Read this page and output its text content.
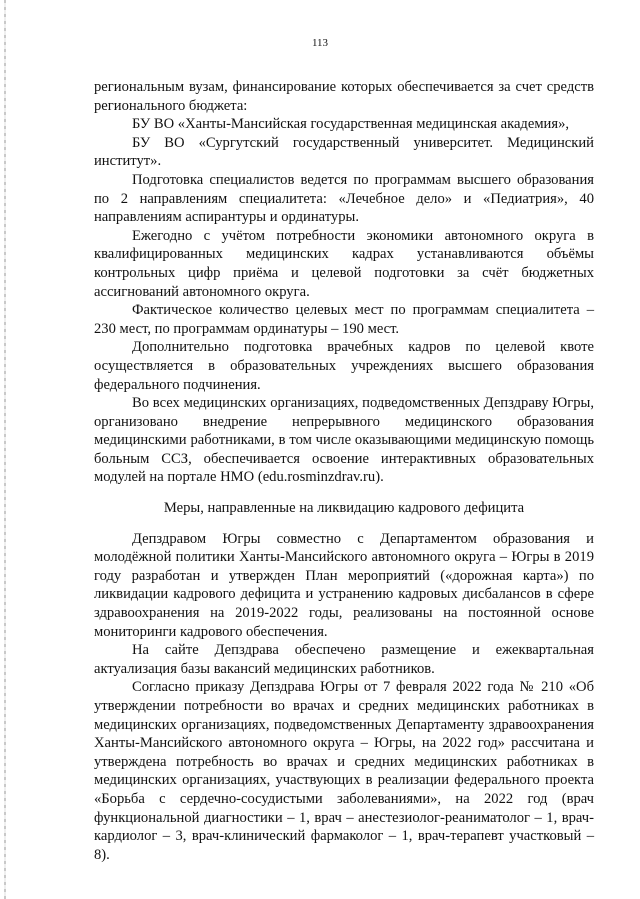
113

региональным вузам, финансирование которых обеспечивается за счет средств регионального бюджета:

БУ ВО «Ханты-Мансийская государственная медицинская академия»,

БУ ВО «Сургутский государственный университет. Медицинский институт».

Подготовка специалистов ведется по программам высшего образования по 2 направлениям специалитета: «Лечебное дело» и «Педиатрия», 40 направлениям аспирантуры и ординатуры.

Ежегодно с учётом потребности экономики автономного округа в квалифицированных медицинских кадрах устанавливаются объёмы контрольных цифр приёма и целевой подготовки за счёт бюджетных ассигнований автономного округа.

Фактическое количество целевых мест по программам специалитета – 230 мест, по программам ординатуры – 190 мест.

Дополнительно подготовка врачебных кадров по целевой квоте осуществляется в образовательных учреждениях высшего образования федерального подчинения.

Во всех медицинских организациях, подведомственных Депздраву Югры, организовано внедрение непрерывного медицинского образования медицинскими работниками, в том числе оказывающими медицинскую помощь больным ССЗ, обеспечивается освоение интерактивных образовательных модулей на портале НМО (edu.rosminzdrav.ru).

Меры, направленные на ликвидацию кадрового дефицита

Депздравом Югры совместно с Департаментом образования и молодёжной политики Ханты-Мансийского автономного округа – Югры в 2019 году разработан и утвержден План мероприятий («дорожная карта») по ликвидации кадрового дефицита и устранению кадровых дисбалансов в сфере здравоохранения на 2019-2022 годы, реализованы на постоянной основе мониторинги кадрового обеспечения.

На сайте Депздрава обеспечено размещение и ежеквартальная актуализация базы вакансий медицинских работников.

Согласно приказу Депздрава Югры от 7 февраля 2022 года № 210 «Об утверждении потребности во врачах и средних медицинских работниках в медицинских организациях, подведомственных Департаменту здравоохранения Ханты-Мансийского автономного округа – Югры, на 2022 год» рассчитана и утверждена потребность во врачах и средних медицинских работниках в медицинских организациях, участвующих в реализации федерального проекта «Борьба с сердечно-сосудистыми заболеваниями», на 2022 год (врач функциональной диагностики – 1, врач – анестезиолог-реаниматолог – 1, врач-кардиолог – 3, врач-клинический фармаколог – 1, врач-терапевт участковый – 8).
